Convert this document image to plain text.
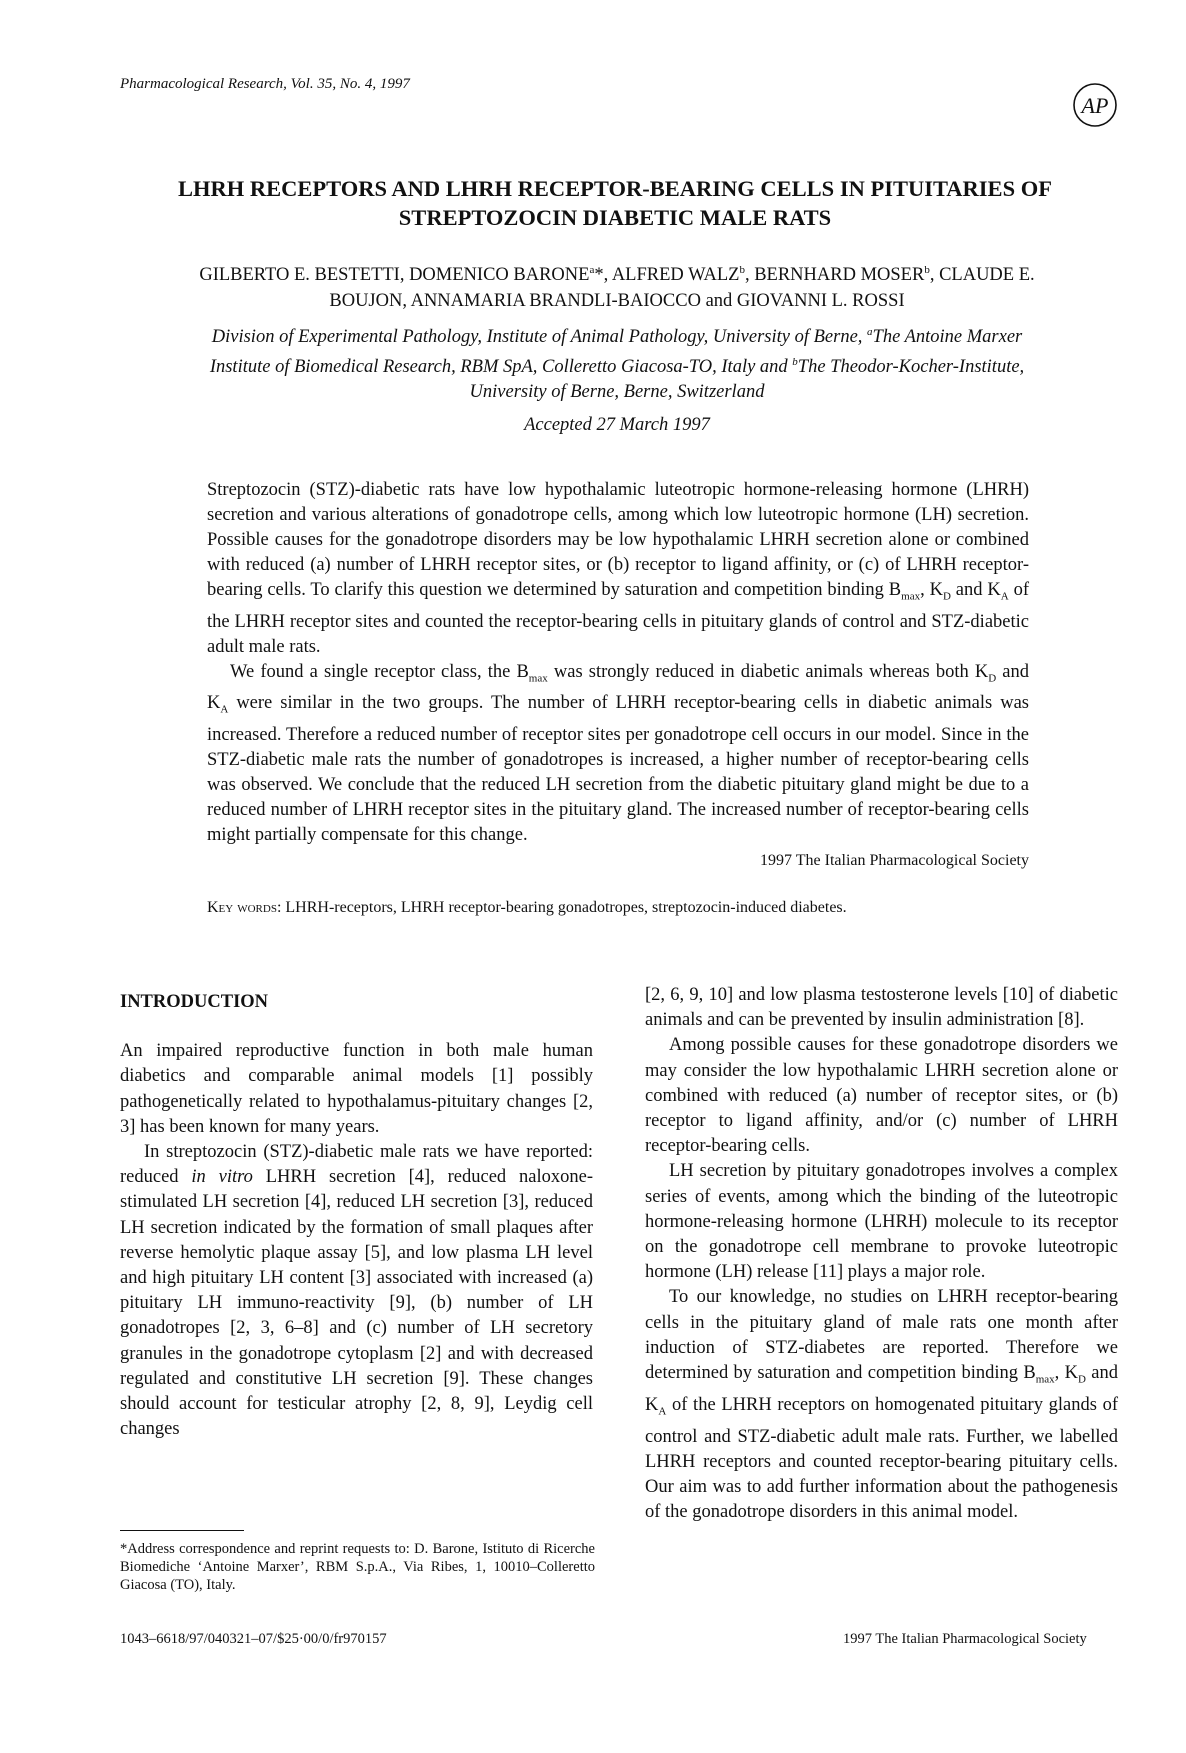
Pharmacological Research, Vol. 35, No. 4, 1997
AP
LHRH RECEPTORS AND LHRH RECEPTOR-BEARING CELLS IN PITUITARIES OF
STREPTOZOCIN DIABETIC MALE RATS
GILBERTO E. BESTETTI, DOMENICO BARONE$^a$*, ALFRED WALZ$^b$, BERNHARD MOSER$^b$, CLAUDE E.
BOUJON, ANNAMARIA BRANDLI-BAIOCCO and GIOVANNI L. ROSSI
Division of Experimental Pathology, Institute of Animal Pathology, University of Berne, $^a$The Antoine Marxer
Institute of Biomedical Research, RBM SpA, Colleretto Giacosa-TO, Italy and $^b$The Theodor-Kocher-Institute,
University of Berne, Berne, Switzerland
Accepted 27 March 1997

Streptozocin (STZ)-diabetic rats have low hypothalamic luteotropic hormone-releasing hormone (LHRH) secretion and various alterations of gonadotrope cells, among which low luteotropic hormone (LH) secretion. Possible causes for the gonadotrope disorders may be low hypothalamic LHRH secretion alone or combined with reduced (a) number of LHRH receptor sites, or (b) receptor to ligand affinity, or (c) of LHRH receptor-bearing cells. To clarify this question we determined by saturation and competition binding $B_{max}$, $K_D$ and $K_A$ of the LHRH receptor sites and counted the receptor-bearing cells in pituitary glands of control and STZ-diabetic adult male rats.

We found a single receptor class, the $B_{max}$ was strongly reduced in diabetic animals whereas both $K_D$ and $K_A$ were similar in the two groups. The number of LHRH receptor-bearing cells in diabetic animals was increased. Therefore a reduced number of receptor sites per gonadotrope cell occurs in our model. Since in the STZ-diabetic male rats the number of gonadotropes is increased, a higher number of receptor-bearing cells was observed. We conclude that the reduced LH secretion from the diabetic pituitary gland might be due to a reduced number of LHRH receptor sites in the pituitary gland. The increased number of receptor-bearing cells might partially compensate for this change.

1997 The Italian Pharmacological Society
Key words: LHRH-receptors, LHRH receptor-bearing gonadotropes, streptozocin-induced diabetes.
INTRODUCTION

An impaired reproductive function in both male human diabetics and comparable animal models [1] possibly pathogenetically related to hypothalamus-pituitary changes [2, 3] has been known for many years.

In streptozocin (STZ)-diabetic male rats we have reported: reduced in vitro LHRH secretion [4], reduced naloxone-stimulated LH secretion [4], reduced LH secretion [3], reduced LH secretion indicated by the formation of small plaques after reverse hemolytic plaque assay [5], and low plasma LH level and high pituitary LH content [3] associated with increased (a) pituitary LH immuno-reactivity [9], (b) number of LH gonadotropes [2, 3, 6–8] and (c) number of LH secretory granules in the gonadotrope cytoplasm [2] and with decreased regulated and constitutive LH secretion [9]. These changes should account for testicular atrophy [2, 8, 9], Leydig cell changes

[2, 6, 9, 10] and low plasma testosterone levels [10] of diabetic animals and can be prevented by insulin administration [8].

Among possible causes for these gonadotrope disorders we may consider the low hypothalamic LHRH secretion alone or combined with reduced (a) number of receptor sites, or (b) receptor to ligand affinity, and/or (c) number of LHRH receptor-bearing cells.

LH secretion by pituitary gonadotropes involves a complex series of events, among which the binding of the luteotropic hormone-releasing hormone (LHRH) molecule to its receptor on the gonadotrope cell membrane to provoke luteotropic hormone (LH) release [11] plays a major role.

To our knowledge, no studies on LHRH receptor-bearing cells in the pituitary gland of male rats one month after induction of STZ-diabetes are reported. Therefore we determined by saturation and competition binding $B_{max}$, $K_D$ and $K_A$ of the LHRH receptors on homogenated pituitary glands of control and STZ-diabetic adult male rats. Further, we labelled LHRH receptors and counted receptor-bearing pituitary cells. Our aim was to add further information about the pathogenesis of the gonadotrope disorders in this animal model.

*Address correspondence and reprint requests to: D. Barone, Istituto di Ricerche Biomediche ‘Antoine Marxer’, RBM S.p.A., Via Ribes, 1, 10010–Colleretto Giacosa (TO), Italy.
1043–6618/97/040321–07/$25·00/0/fr970157	1997 The Italian Pharmacological Society
